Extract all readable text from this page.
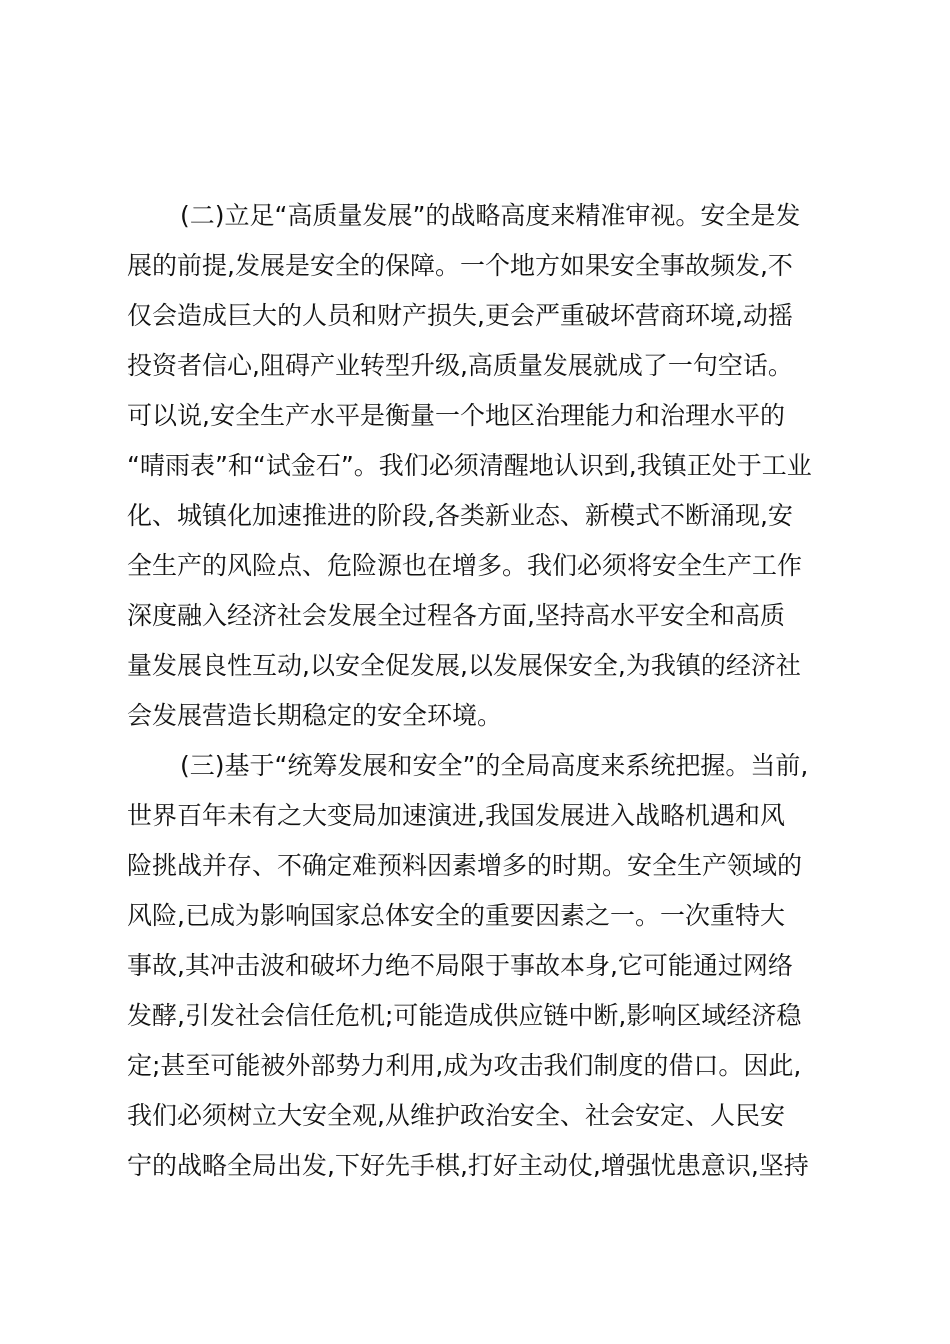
(二)立足“高质量发展”的战略高度来精准审视。安全是发
展的前提,发展是安全的保障。一个地方如果安全事故频发,不
仅会造成巨大的人员和财产损失,更会严重破坏营商环境,动摇
投资者信心,阻碍产业转型升级,高质量发展就成了一句空话。
可以说,安全生产水平是衡量一个地区治理能力和治理水平的
“晴雨表”和“试金石”。我们必须清醒地认识到,我镇正处于工业
化、城镇化加速推进的阶段,各类新业态、新模式不断涌现,安
全生产的风险点、危险源也在增多。我们必须将安全生产工作
深度融入经济社会发展全过程各方面,坚持高水平安全和高质
量发展良性互动,以安全促发展,以发展保安全,为我镇的经济社
会发展营造长期稳定的安全环境。
(三)基于“统筹发展和安全”的全局高度来系统把握。当前,
世界百年未有之大变局加速演进,我国发展进入战略机遇和风
险挑战并存、不确定难预料因素增多的时期。安全生产领域的
风险,已成为影响国家总体安全的重要因素之一。一次重特大
事故,其冲击波和破坏力绝不局限于事故本身,它可能通过网络
发酵,引发社会信任危机;可能造成供应链中断,影响区域经济稳
定;甚至可能被外部势力利用,成为攻击我们制度的借口。因此,
我们必须树立大安全观,从维护政治安全、社会安定、人民安
宁的战略全局出发,下好先手棋,打好主动仗,增强忧患意识,坚持
